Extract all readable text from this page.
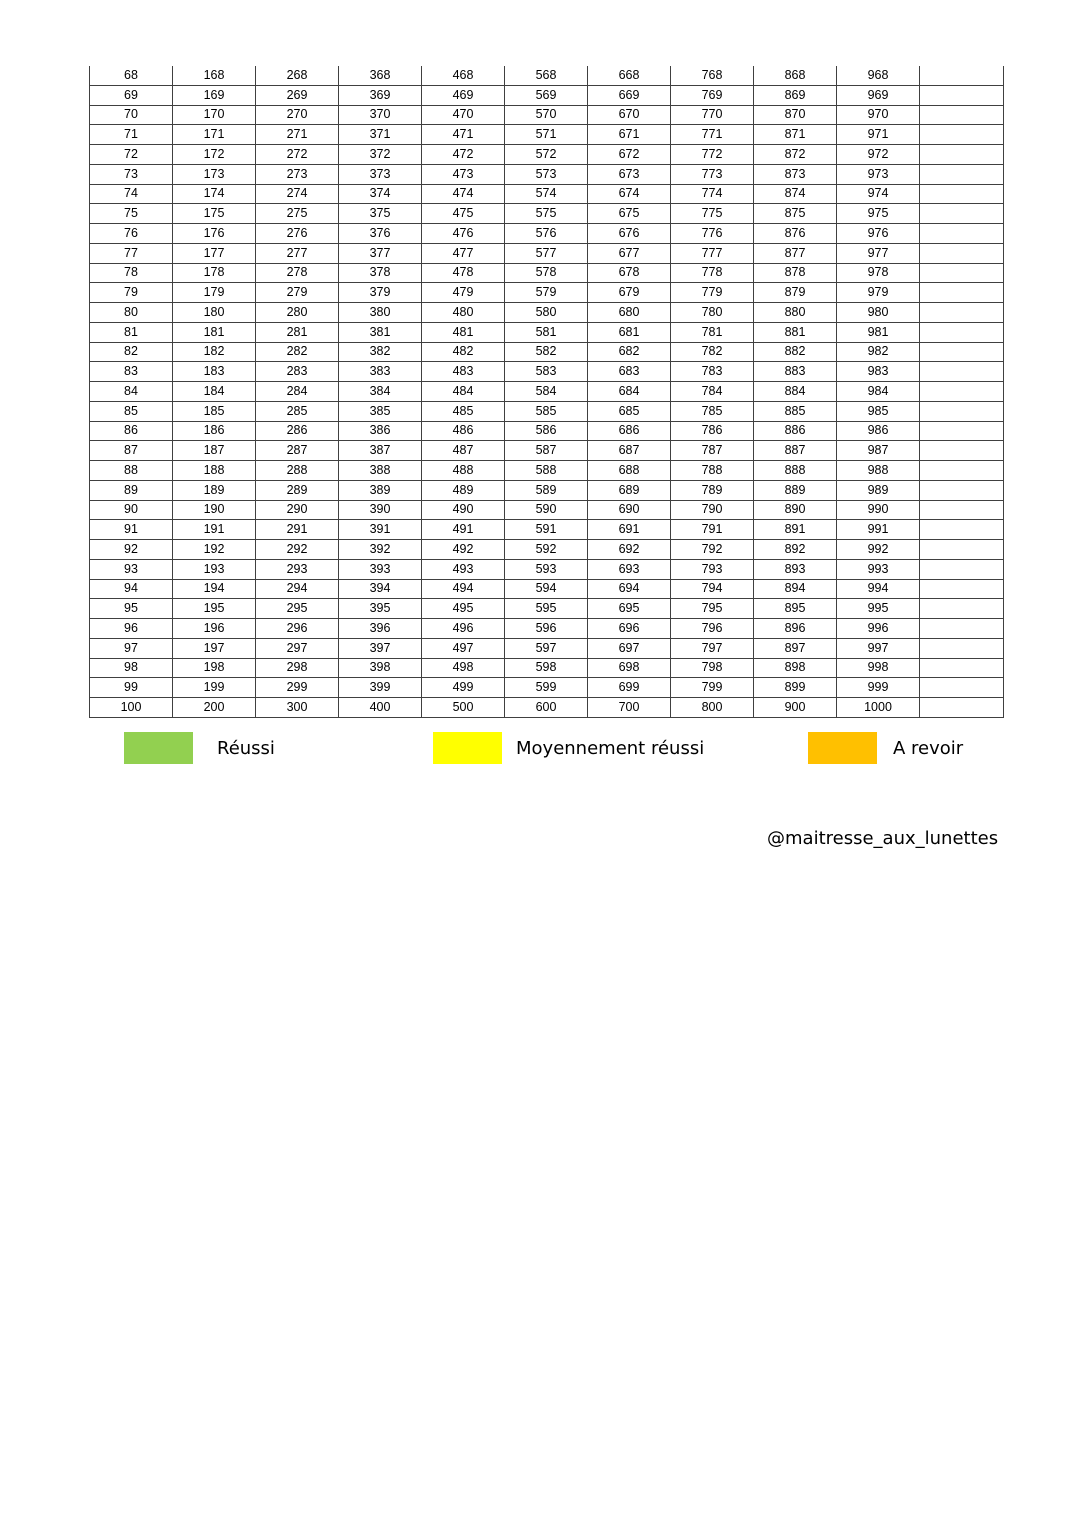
68	168	268	368	468	568	668	768	868	968	
69	169	269	369	469	569	669	769	869	969	
70	170	270	370	470	570	670	770	870	970	
71	171	271	371	471	571	671	771	871	971	
72	172	272	372	472	572	672	772	872	972	
73	173	273	373	473	573	673	773	873	973	
74	174	274	374	474	574	674	774	874	974	
75	175	275	375	475	575	675	775	875	975	
76	176	276	376	476	576	676	776	876	976	
77	177	277	377	477	577	677	777	877	977	
78	178	278	378	478	578	678	778	878	978	
79	179	279	379	479	579	679	779	879	979	
80	180	280	380	480	580	680	780	880	980	
81	181	281	381	481	581	681	781	881	981	
82	182	282	382	482	582	682	782	882	982	
83	183	283	383	483	583	683	783	883	983	
84	184	284	384	484	584	684	784	884	984	
85	185	285	385	485	585	685	785	885	985	
86	186	286	386	486	586	686	786	886	986	
87	187	287	387	487	587	687	787	887	987	
88	188	288	388	488	588	688	788	888	988	
89	189	289	389	489	589	689	789	889	989	
90	190	290	390	490	590	690	790	890	990	
91	191	291	391	491	591	691	791	891	991	
92	192	292	392	492	592	692	792	892	992	
93	193	293	393	493	593	693	793	893	993	
94	194	294	394	494	594	694	794	894	994	
95	195	295	395	495	595	695	795	895	995	
96	196	296	396	496	596	696	796	896	996	
97	197	297	397	497	597	697	797	897	997	
98	198	298	398	498	598	698	798	898	998	
99	199	299	399	499	599	699	799	899	999	
100	200	300	400	500	600	700	800	900	1000	
Réussi	Moyennement réussi	A revoir
@maitresse_aux_lunettes
